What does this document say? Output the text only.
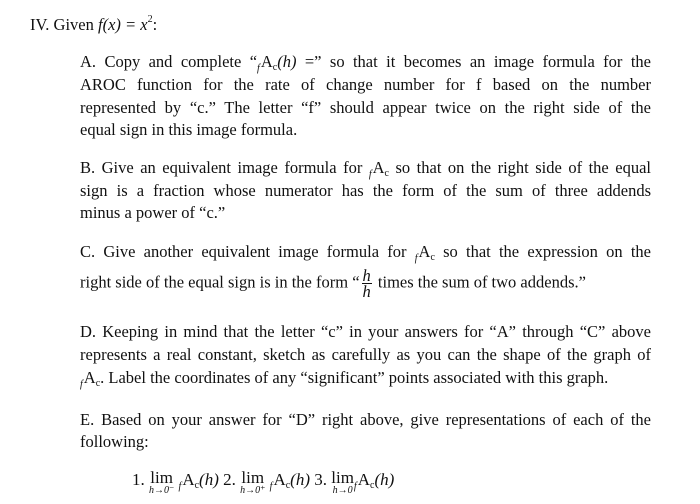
IV. Given $f(x) = x^2$:
A. Copy and complete “$_fAc(h)$ =” so that it becomes an image formula for the
AROC function for the rate of change number for f based on the number
represented by “c.” The letter “f” should appear twice on the right side of the
equal sign in this image formula.
B. Give an equivalent image formula for $_f$Ac so that on the right side of the equal
sign is a fraction whose numerator has the form of the sum of three addends
minus a power of “c.”
C. Give another equivalent image formula for $_f$Ac so that the expression on the
right side of the equal sign is in the form “ $\frac{h}{h}$ times the sum of two addends.”
D. Keeping in mind that the letter “c” in your answers for “A” through “C” above
represents a real constant, sketch as carefully as you can the shape of the graph of
$_f$Ac. Label the coordinates of any “significant” points associated with this graph.
E. Based on your answer for “D” right above, give representations of each of the
following:
1. lim
h→0⁻ $_f$Ac(h) 2. lim
h→0⁺ $_f$Ac(h) 3. lim
h→0 $_f$Ac(h)
